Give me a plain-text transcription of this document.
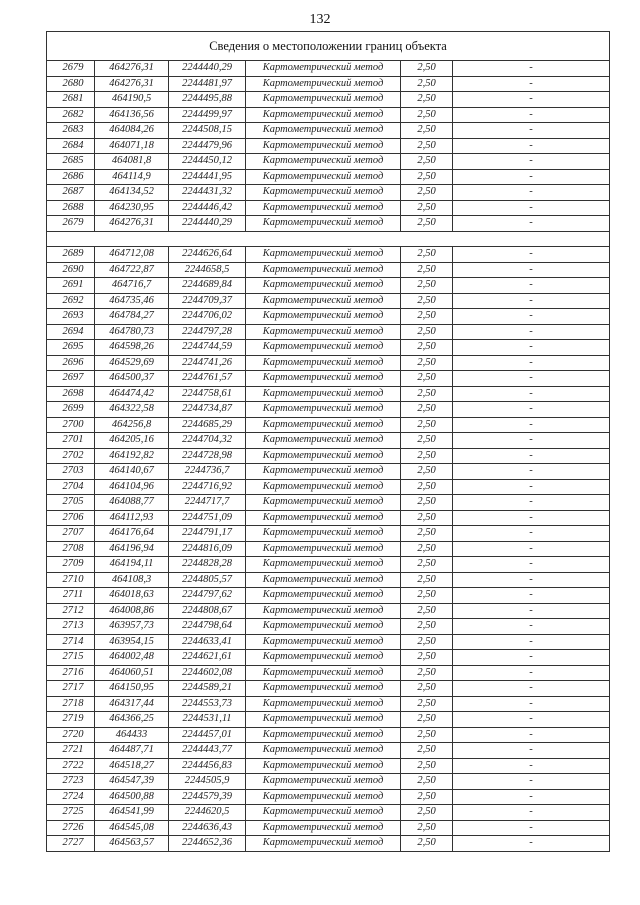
132
Сведения о местоположении границ объекта					
2679	464276,31	2244440,29	Картометрический метод	2,50	-
2680	464276,31	2244481,97	Картометрический метод	2,50	-
2681	464190,5	2244495,88	Картометрический метод	2,50	-
2682	464136,56	2244499,97	Картометрический метод	2,50	-
2683	464084,26	2244508,15	Картометрический метод	2,50	-
2684	464071,18	2244479,96	Картометрический метод	2,50	-
2685	464081,8	2244450,12	Картометрический метод	2,50	-
2686	464114,9	2244441,95	Картометрический метод	2,50	-
2687	464134,52	2244431,32	Картометрический метод	2,50	-
2688	464230,95	2244446,42	Картометрический метод	2,50	-
2679	464276,31	2244440,29	Картометрический метод	2,50	-

2689	464712,08	2244626,64	Картометрический метод	2,50	-
2690	464722,87	2244658,5	Картометрический метод	2,50	-
2691	464716,7	2244689,84	Картометрический метод	2,50	-
2692	464735,46	2244709,37	Картометрический метод	2,50	-
2693	464784,27	2244706,02	Картометрический метод	2,50	-
2694	464780,73	2244797,28	Картометрический метод	2,50	-
2695	464598,26	2244744,59	Картометрический метод	2,50	-
2696	464529,69	2244741,26	Картометрический метод	2,50	-
2697	464500,37	2244761,57	Картометрический метод	2,50	-
2698	464474,42	2244758,61	Картометрический метод	2,50	-
2699	464322,58	2244734,87	Картометрический метод	2,50	-
2700	464256,8	2244685,29	Картометрический метод	2,50	-
2701	464205,16	2244704,32	Картометрический метод	2,50	-
2702	464192,82	2244728,98	Картометрический метод	2,50	-
2703	464140,67	2244736,7	Картометрический метод	2,50	-
2704	464104,96	2244716,92	Картометрический метод	2,50	-
2705	464088,77	2244717,7	Картометрический метод	2,50	-
2706	464112,93	2244751,09	Картометрический метод	2,50	-
2707	464176,64	2244791,17	Картометрический метод	2,50	-
2708	464196,94	2244816,09	Картометрический метод	2,50	-
2709	464194,11	2244828,28	Картометрический метод	2,50	-
2710	464108,3	2244805,57	Картометрический метод	2,50	-
2711	464018,63	2244797,62	Картометрический метод	2,50	-
2712	464008,86	2244808,67	Картометрический метод	2,50	-
2713	463957,73	2244798,64	Картометрический метод	2,50	-
2714	463954,15	2244633,41	Картометрический метод	2,50	-
2715	464002,48	2244621,61	Картометрический метод	2,50	-
2716	464060,51	2244602,08	Картометрический метод	2,50	-
2717	464150,95	2244589,21	Картометрический метод	2,50	-
2718	464317,44	2244553,73	Картометрический метод	2,50	-
2719	464366,25	2244531,11	Картометрический метод	2,50	-
2720	464433	2244457,01	Картометрический метод	2,50	-
2721	464487,71	2244443,77	Картометрический метод	2,50	-
2722	464518,27	2244456,83	Картометрический метод	2,50	-
2723	464547,39	2244505,9	Картометрический метод	2,50	-
2724	464500,88	2244579,39	Картометрический метод	2,50	-
2725	464541,99	2244620,5	Картометрический метод	2,50	-
2726	464545,08	2244636,43	Картометрический метод	2,50	-
2727	464563,57	2244652,36	Картометрический метод	2,50	-
